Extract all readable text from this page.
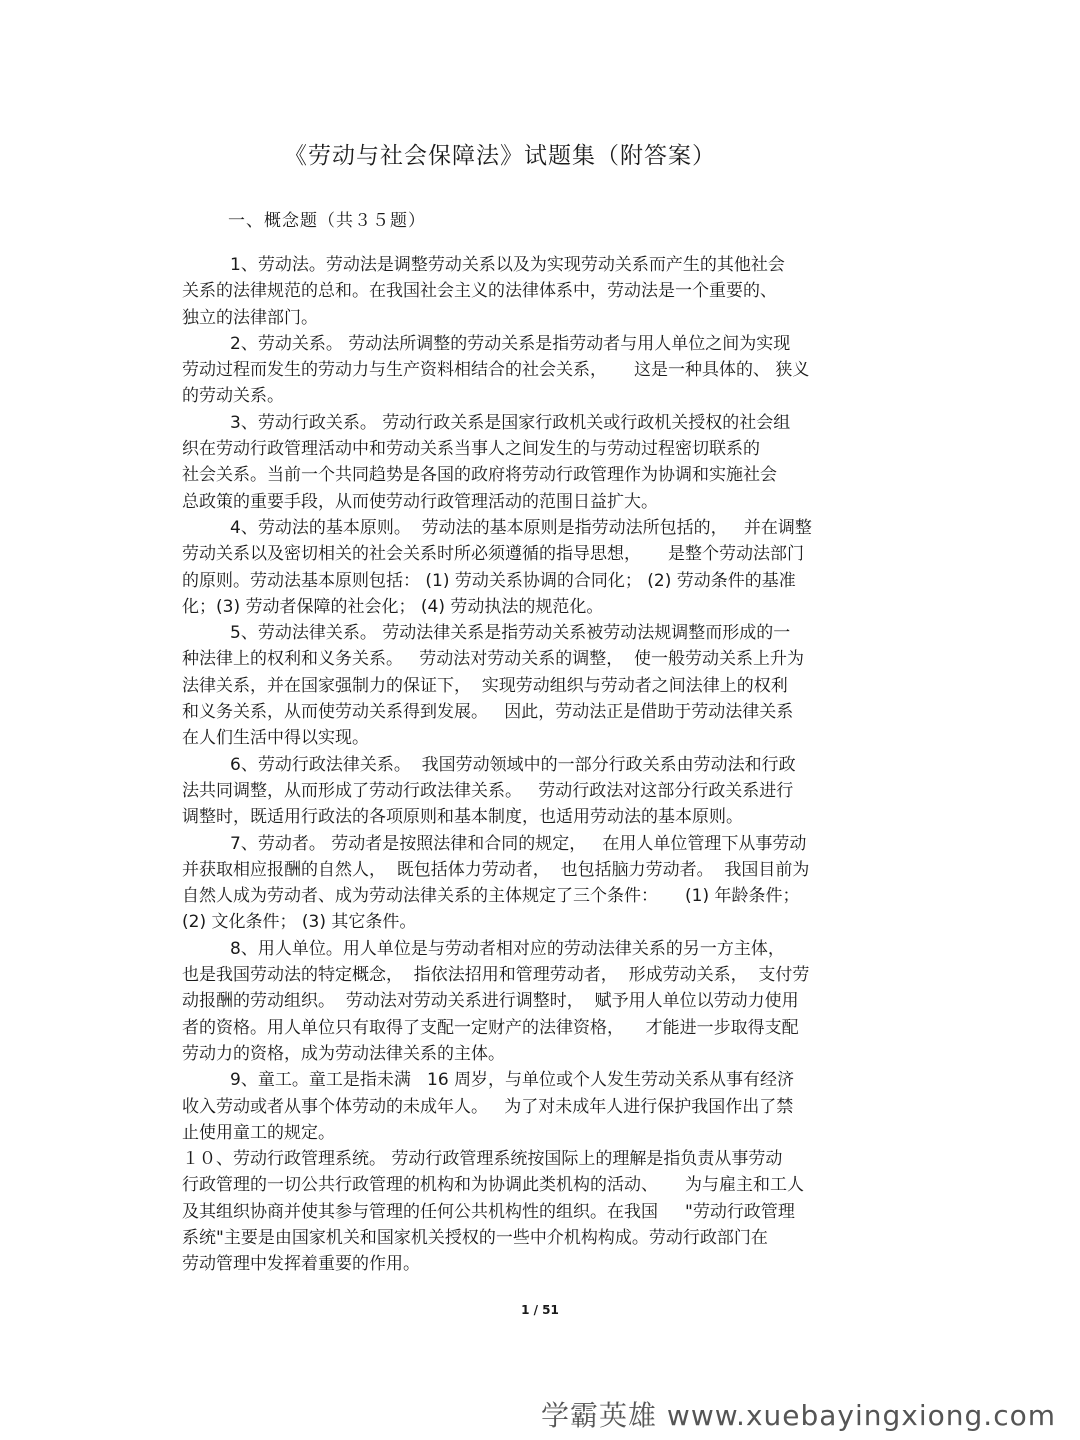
《劳动与社会保障法》试题集（附答案）
一、概念题（共３５题）
1、劳动法。劳动法是调整劳动关系以及为实现劳动关系而产生的其他社会
关系的法律规范的总和。在我国社会主义的法律体系中，劳动法是一个重要的、
独立的法律部门。
2、劳动关系。 劳动法所调整的劳动关系是指劳动者与用人单位之间为实现
劳动过程而发生的劳动力与生产资料相结合的社会关系，     这是一种具体的、 狭义
的劳动关系。
3、劳动行政关系。 劳动行政关系是国家行政机关或行政机关授权的社会组
织在劳动行政管理活动中和劳动关系当事人之间发生的与劳动过程密切联系的
社会关系。当前一个共同趋势是各国的政府将劳动行政管理作为协调和实施社会
总政策的重要手段，从而使劳动行政管理活动的范围日益扩大。
4、劳动法的基本原则。  劳动法的基本原则是指劳动法所包括的，   并在调整
劳动关系以及密切相关的社会关系时所必须遵循的指导思想，     是整个劳动法部门
的原则。劳动法基本原则包括： (1) 劳动关系协调的合同化； (2) 劳动条件的基准
化；(3) 劳动者保障的社会化； (4) 劳动执法的规范化。
5、劳动法律关系。 劳动法律关系是指劳动关系被劳动法规调整而形成的一
种法律上的权利和义务关系。   劳动法对劳动关系的调整，  使一般劳动关系上升为
法律关系，并在国家强制力的保证下，  实现劳动组织与劳动者之间法律上的权利
和义务关系，从而使劳动关系得到发展。   因此，劳动法正是借助于劳动法律关系
在人们生活中得以实现。
6、劳动行政法律关系。  我国劳动领域中的一部分行政关系由劳动法和行政
法共同调整，从而形成了劳动行政法律关系。   劳动行政法对这部分行政关系进行
调整时，既适用行政法的各项原则和基本制度，也适用劳动法的基本原则。
7、劳动者。 劳动者是按照法律和合同的规定，   在用人单位管理下从事劳动
并获取相应报酬的自然人，  既包括体力劳动者，  也包括脑力劳动者。  我国目前为
自然人成为劳动者、成为劳动法律关系的主体规定了三个条件：     (1) 年龄条件；
(2) 文化条件； (3) 其它条件。
8、用人单位。用人单位是与劳动者相对应的劳动法律关系的另一方主体，
也是我国劳动法的特定概念，  指依法招用和管理劳动者，  形成劳动关系，  支付劳
动报酬的劳动组织。  劳动法对劳动关系进行调整时，  赋予用人单位以劳动力使用
者的资格。用人单位只有取得了支配一定财产的法律资格，    才能进一步取得支配
劳动力的资格，成为劳动法律关系的主体。
9、童工。童工是指未满   16 周岁，与单位或个人发生劳动关系从事有经济
收入劳动或者从事个体劳动的未成年人。   为了对未成年人进行保护我国作出了禁
止使用童工的规定。
１０、劳动行政管理系统。 劳动行政管理系统按国际上的理解是指负责从事劳动
行政管理的一切公共行政管理的机构和为协调此类机构的活动、     为与雇主和工人
及其组织协商并使其参与管理的任何公共机构性的组织。在我国     "劳动行政管理
系统"主要是由国家机关和国家机关授权的一些中介机构构成。劳动行政部门在
劳动管理中发挥着重要的作用。
1 / 51
学霸英雄 www.xuebayingxiong.com
